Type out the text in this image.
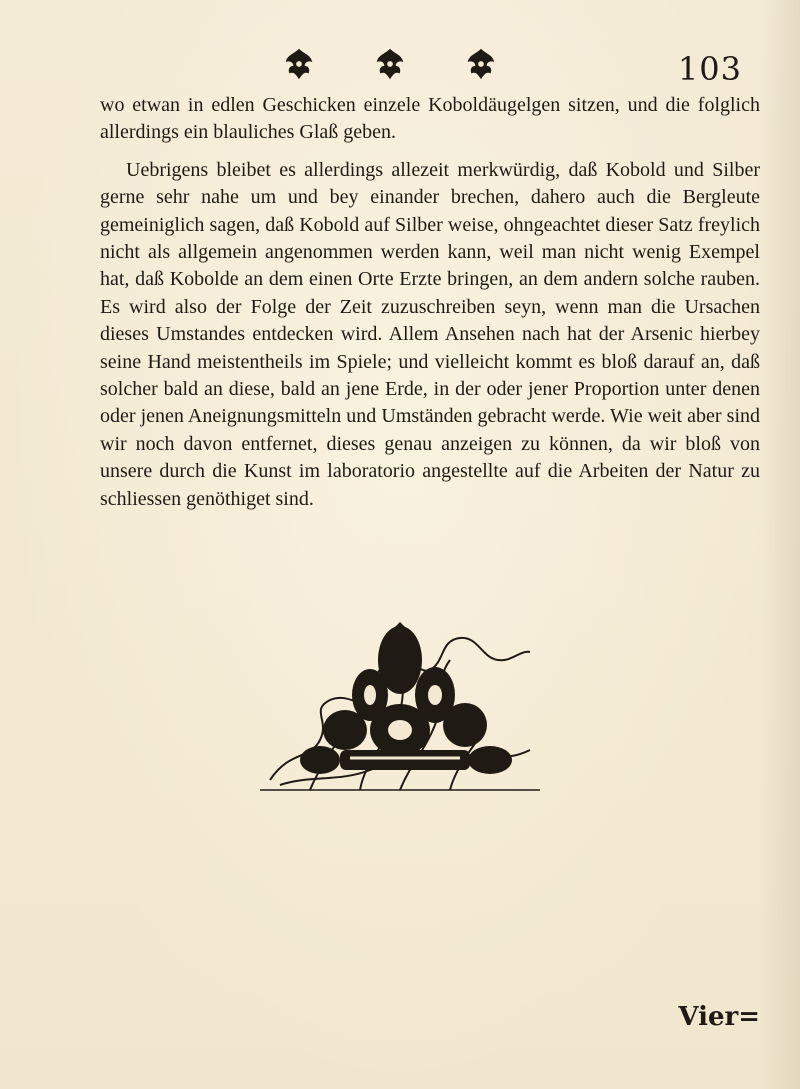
103

wo etwan in edlen Geschicken einzele Koboldäugelgen sitzen, und die folglich allerdings ein blauliches Glaß geben.

Uebrigens bleibet es allerdings allezeit merkwürdig, daß Kobold und Silber gerne sehr nahe um und bey einander brechen, dahero auch die Bergleute gemeiniglich sagen, daß Kobold auf Silber weise, ohngeachtet dieser Satz freylich nicht als allgemein angenommen werden kann, weil man nicht wenig Exempel hat, daß Kobolde an dem einen Orte Erzte bringen, an dem andern solche rauben. Es wird also der Folge der Zeit zuzuschreiben seyn, wenn man die Ursachen dieses Umstandes entdecken wird. Allem Ansehen nach hat der Arsenic hierbey seine Hand meistentheils im Spiele; und vielleicht kommt es bloß darauf an, daß solcher bald an diese, bald an jene Erde, in der oder jener Proportion unter denen oder jenen Aneignungsmitteln und Umständen gebracht werde. Wie weit aber sind wir noch davon entfernet, dieses genau anzeigen zu können, da wir bloß von unsere durch die Kunst im laboratorio angestellte auf die Arbeiten der Natur zu schliessen genöthiget sind.

Vier=
